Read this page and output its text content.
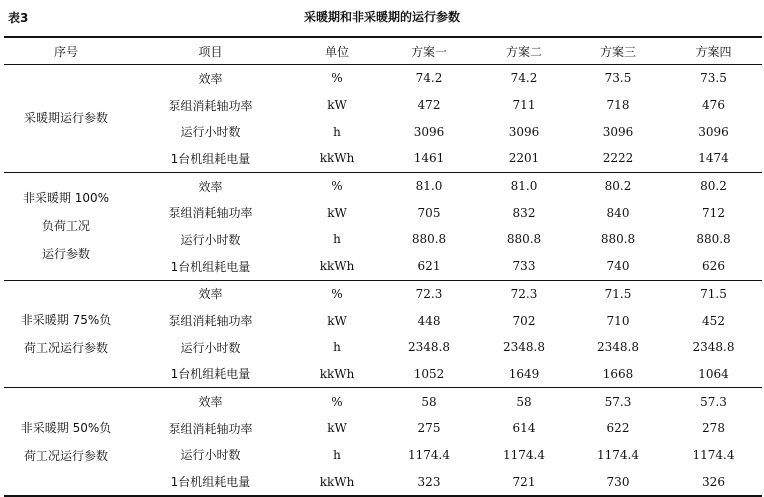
表3	采暖期和非采暖期的运行参数
序号	项目	单位	方案一	方案二	方案三	方案四

采暖期运行参数	效率	%	74.2	74.2	73.5	73.5
	泵组消耗轴功率	kW	472	711	718	476
	运行小时数	h	3096	3096	3096	3096
	1台机组耗电量	kkWh	1461	2201	2222	1474

非采暖期 100%
负荷工况
运行参数	效率	%	81.0	81.0	80.2	80.2
	泵组消耗轴功率	kW	705	832	840	712
	运行小时数	h	880.8	880.8	880.8	880.8
	1台机组耗电量	kkWh	621	733	740	626

非采暖期 75%负
荷工况运行参数	效率	%	72.3	72.3	71.5	71.5
	泵组消耗轴功率	kW	448	702	710	452
	运行小时数	h	2348.8	2348.8	2348.8	2348.8
	1台机组耗电量	kkWh	1052	1649	1668	1064

非采暖期 50%负
荷工况运行参数	效率	%	58	58	57.3	57.3
	泵组消耗轴功率	kW	275	614	622	278
	运行小时数	h	1174.4	1174.4	1174.4	1174.4
	1台机组耗电量	kkWh	323	721	730	326
